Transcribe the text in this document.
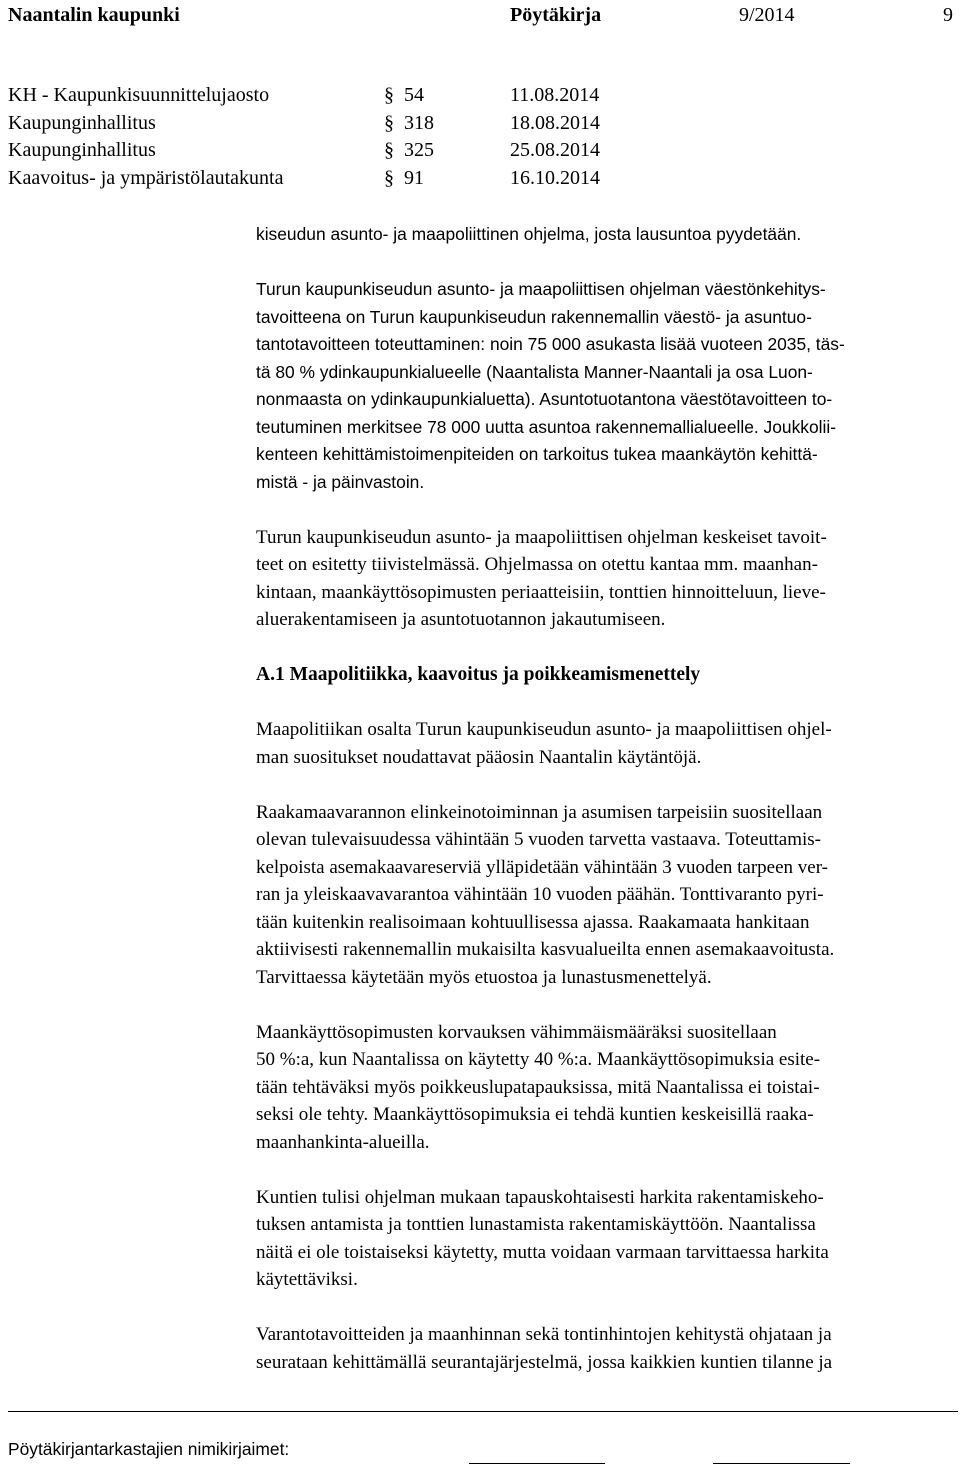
Naantalin kaupunki	Pöytäkirja	9/2014	9
KH - Kaupunkisuunnittelujaosto	§ 54	11.08.2014
Kaupunginhallitus	§ 318	18.08.2014
Kaupunginhallitus	§ 325	25.08.2014
Kaavoitus- ja ympäristölautakunta	§ 91	16.10.2014

kiseudun asunto- ja maapoliittinen ohjelma, josta lausuntoa pyydetään.

Turun kaupunkiseudun asunto- ja maapoliittisen ohjelman väestönkehitys-
tavoitteena on Turun kaupunkiseudun rakennemallin väestö- ja asuntuo-
tantotavoitteen toteuttaminen: noin 75 000 asukasta lisää vuoteen 2035, täs-
tä 80 % ydinkaupunkialueelle (Naantalista Manner-Naantali ja osa Luon-
nonmaasta on ydinkaupunkialuetta). Asuntotuotantona väestötavoitteen to-
teutuminen merkitsee 78 000 uutta asuntoa rakennemallialueelle. Joukkolii-
kenteen kehittämistoimenpiteiden on tarkoitus tukea maankäytön kehittä-
mistä - ja päinvastoin.

Turun kaupunkiseudun asunto- ja maapoliittisen ohjelman keskeiset tavoit-
teet on esitetty tiivistelmässä. Ohjelmassa on otettu kantaa mm. maanhan-
kintaan, maankäyttösopimusten periaatteisiin, tonttien hinnoitteluun, lieve-
aluerakentamiseen ja asuntotuotannon jakautumiseen.

A.1 Maapolitiikka, kaavoitus ja poikkeamismenettely

Maapolitiikan osalta Turun kaupunkiseudun asunto- ja maapoliittisen ohjel-
man suositukset noudattavat pääosin Naantalin käytäntöjä.

Raakamaavarannon elinkeinotoiminnan ja asumisen tarpeisiin suositellaan
olevan tulevaisuudessa vähintään 5 vuoden tarvetta vastaava. Toteuttamis-
kelpoista asemakaavareserviä ylläpidetään vähintään 3 vuoden tarpeen ver-
ran ja yleiskaavavarantoa vähintään 10 vuoden päähän. Tonttivaranto pyri-
tään kuitenkin realisoimaan kohtuullisessa ajassa. Raakamaata hankitaan
aktiivisesti rakennemallin mukaisilta kasvualueilta ennen asemakaavoitusta.
Tarvittaessa käytetään myös etuostoa ja lunastusmenettelyä.

Maankäyttösopimusten korvauksen vähimmäismääräksi suositellaan
50 %:a, kun Naantalissa on käytetty 40 %:a. Maankäyttösopimuksia esite-
tään tehtäväksi myös poikkeuslupatapauksissa, mitä Naantalissa ei toistai-
seksi ole tehty. Maankäyttösopimuksia ei tehdä kuntien keskeisillä raaka-
maanhankinta-alueilla.

Kuntien tulisi ohjelman mukaan tapauskohtaisesti harkita rakentamiskeho-
tuksen antamista ja tonttien lunastamista rakentamiskäyttöön. Naantalissa
näitä ei ole toistaiseksi käytetty, mutta voidaan varmaan tarvittaessa harkita
käytettäviksi.

Varantotavoitteiden ja maanhinnan sekä tontinhintojen kehitystä ohjataan ja
seurataan kehittämällä seurantajärjestelmä, jossa kaikkien kuntien tilanne ja

Pöytäkirjantarkastajien nimikirjaimet:
